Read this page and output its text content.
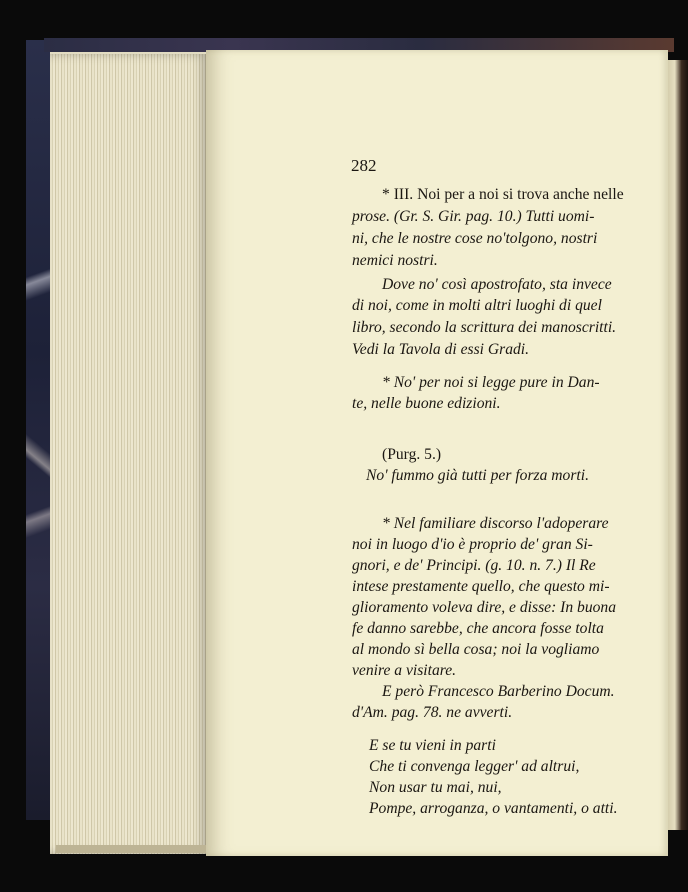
282
* III. Noi per a noi si trova anche nelle
prose. (Gr. S. Gir. pag. 10.) Tutti uomi-
ni, che le nostre cose no'tolgono, nostri
nemici nostri.
Dove no' così apostrofato, sta invece
di noi, come in molti altri luoghi di quel
libro, secondo la scrittura dei manoscritti.
Vedi la Tavola di essi Gradi.
* No' per noi si legge pure in Dan-
te, nelle buone edizioni.
(Purg. 5.)
No' fummo già tutti per forza morti.
* Nel familiare discorso l'adoperare
noi in luogo d'io è proprio de' gran Si-
gnori, e de' Principi. (g. 10. n. 7.) Il Re
intese prestamente quello, che questo mi-
glioramento voleva dire, e disse: In buona
fe danno sarebbe, che ancora fosse tolta
al mondo sì bella cosa; noi la vogliamo
venire a visitare.
E però Francesco Barberino Docum.
d'Am. pag. 78. ne avverti.
E se tu vieni in parti
Che ti convenga legger' ad altrui,
Non usar tu mai, nui,
Pompe, arroganza, o vantamenti, o atti.
